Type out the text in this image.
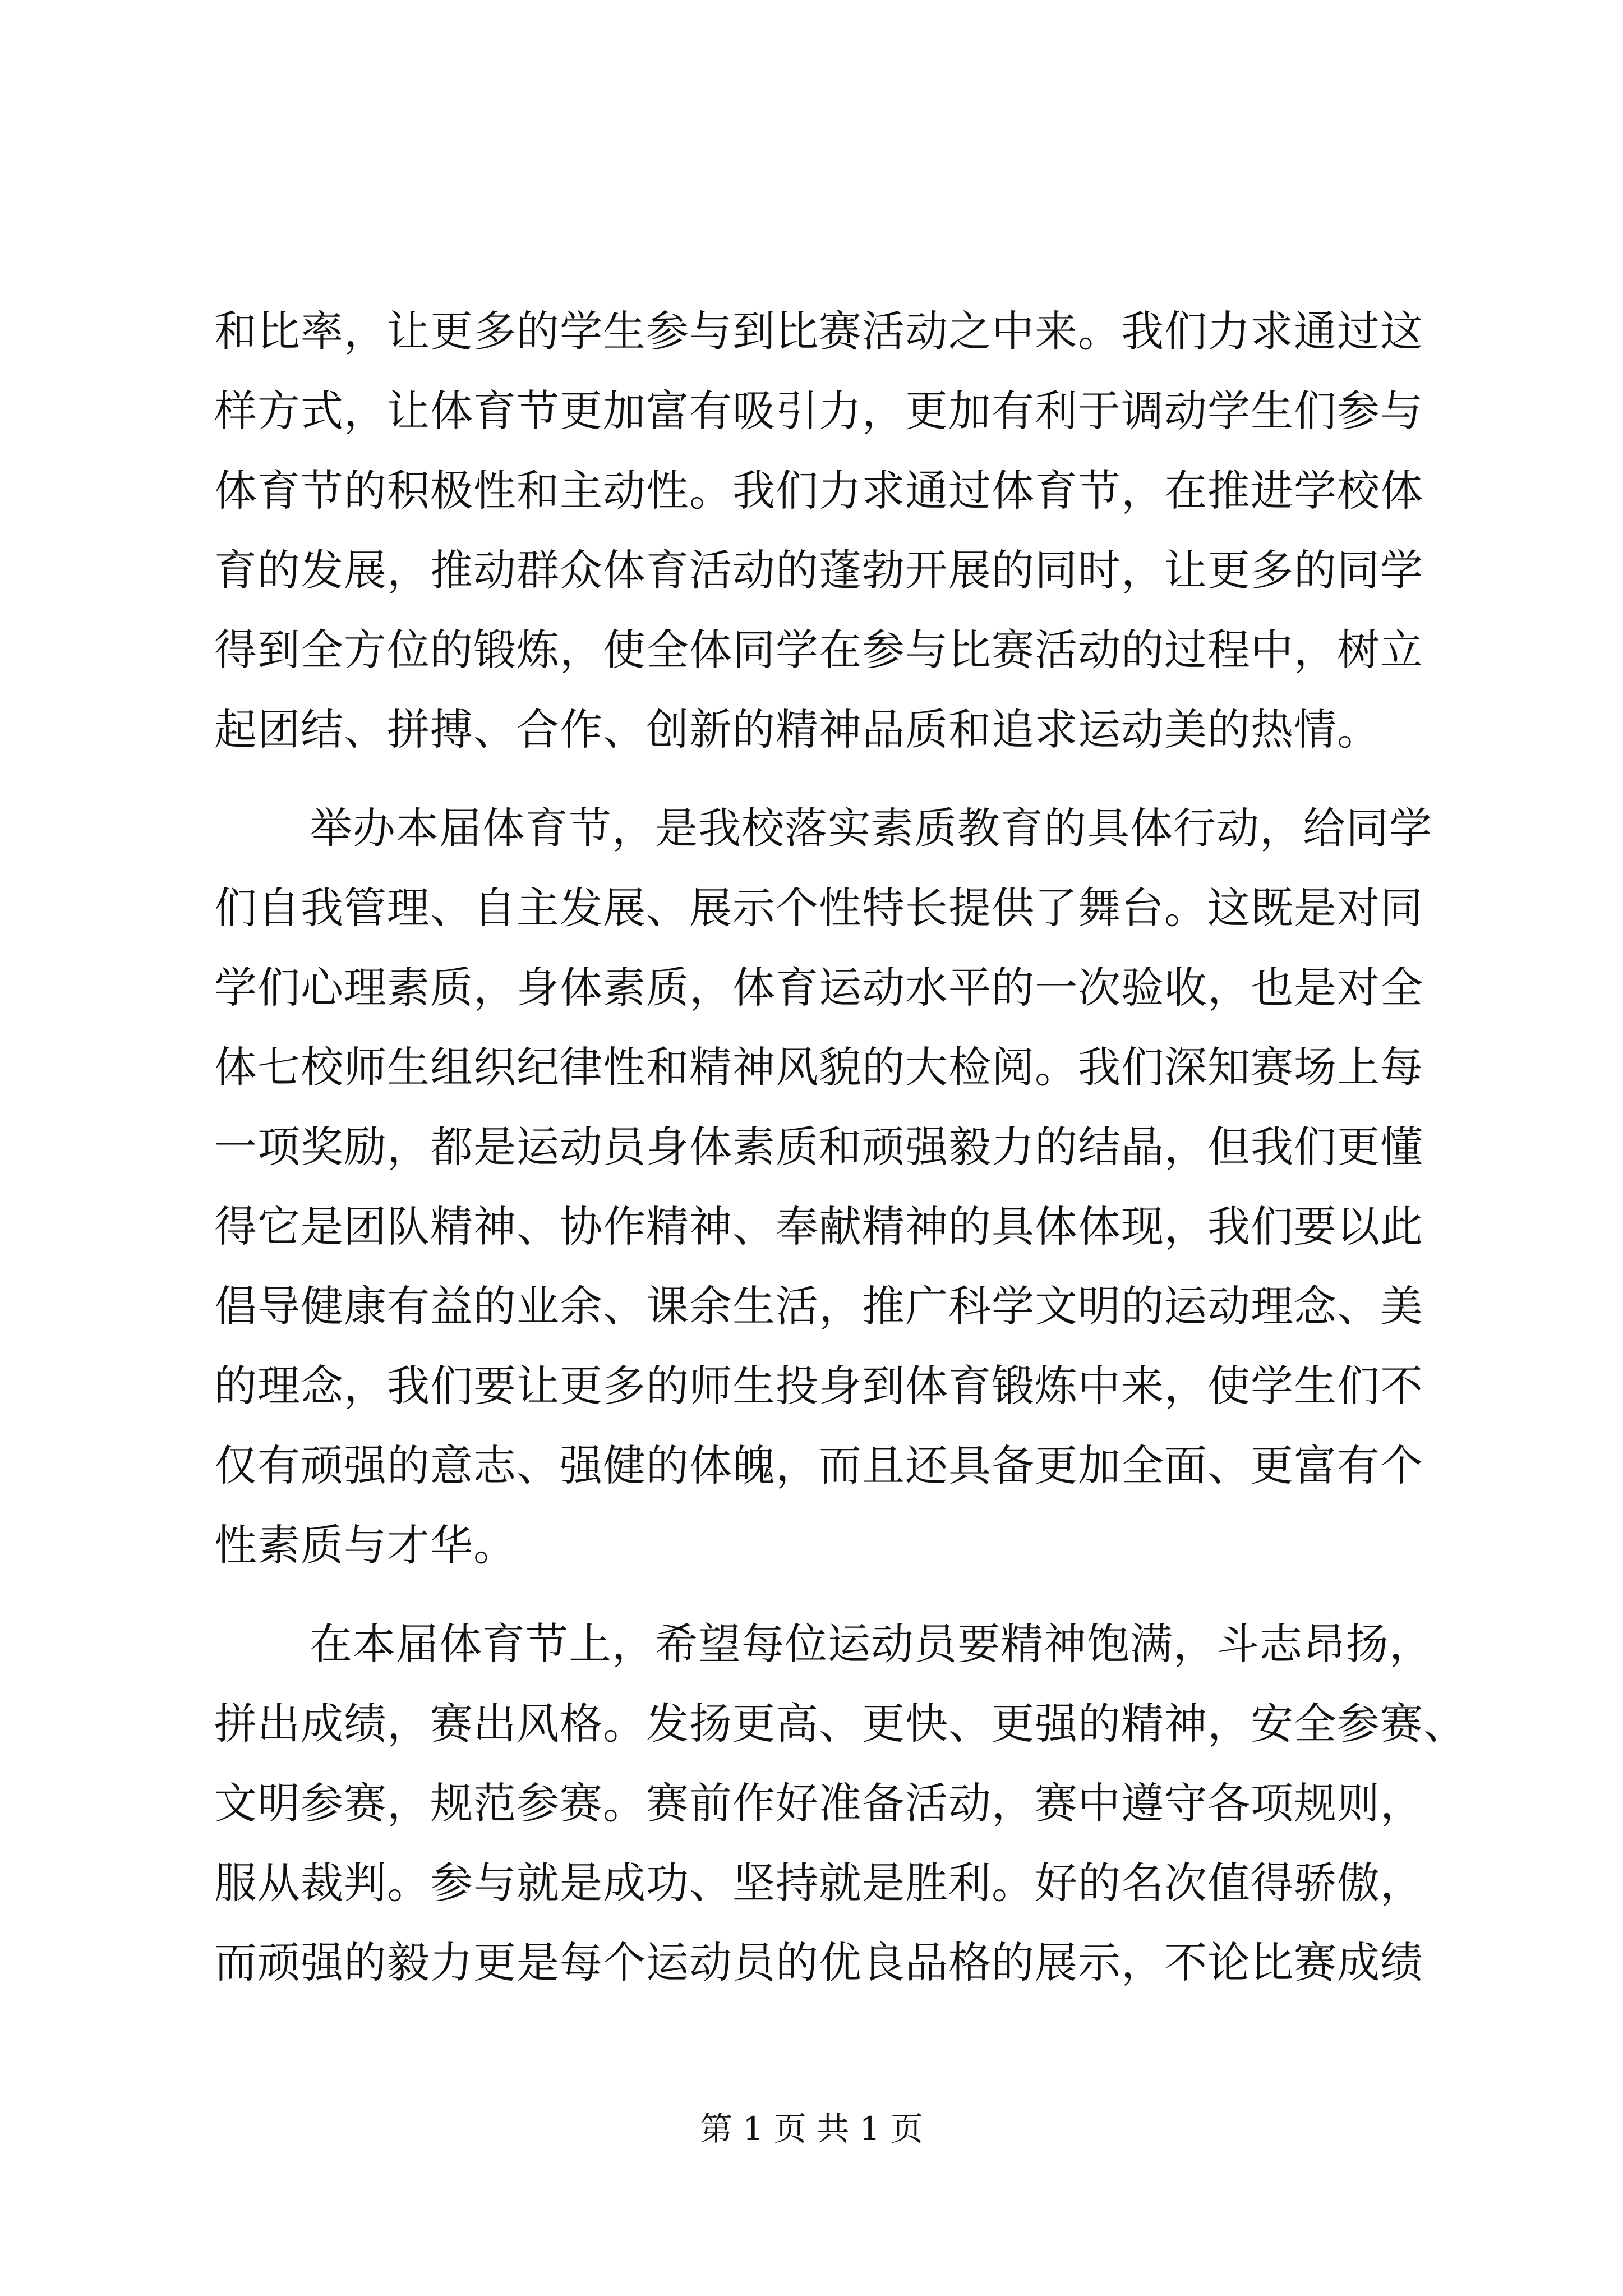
和比率，让更多的学生参与到比赛活动之中来。我们力求通过这
样方式，让体育节更加富有吸引力，更加有利于调动学生们参与
体育节的积极性和主动性。我们力求通过体育节，在推进学校体
育的发展，推动群众体育活动的蓬勃开展的同时，让更多的同学
得到全方位的锻炼，使全体同学在参与比赛活动的过程中，树立
起团结、拼搏、合作、创新的精神品质和追求运动美的热情。
举办本届体育节，是我校落实素质教育的具体行动，给同学
们自我管理、自主发展、展示个性特长提供了舞台。这既是对同
学们心理素质，身体素质，体育运动水平的一次验收，也是对全
体七校师生组织纪律性和精神风貌的大检阅。我们深知赛场上每
一项奖励，都是运动员身体素质和顽强毅力的结晶，但我们更懂
得它是团队精神、协作精神、奉献精神的具体体现，我们要以此
倡导健康有益的业余、课余生活，推广科学文明的运动理念、美
的理念，我们要让更多的师生投身到体育锻炼中来，使学生们不
仅有顽强的意志、强健的体魄，而且还具备更加全面、更富有个
性素质与才华。
在本届体育节上，希望每位运动员要精神饱满，斗志昂扬，
拼出成绩，赛出风格。发扬更高、更快、更强的精神，安全参赛、
文明参赛，规范参赛。赛前作好准备活动，赛中遵守各项规则，
服从裁判。参与就是成功、坚持就是胜利。好的名次值得骄傲，
而顽强的毅力更是每个运动员的优良品格的展示，不论比赛成绩
第 1 页 共 1 页
